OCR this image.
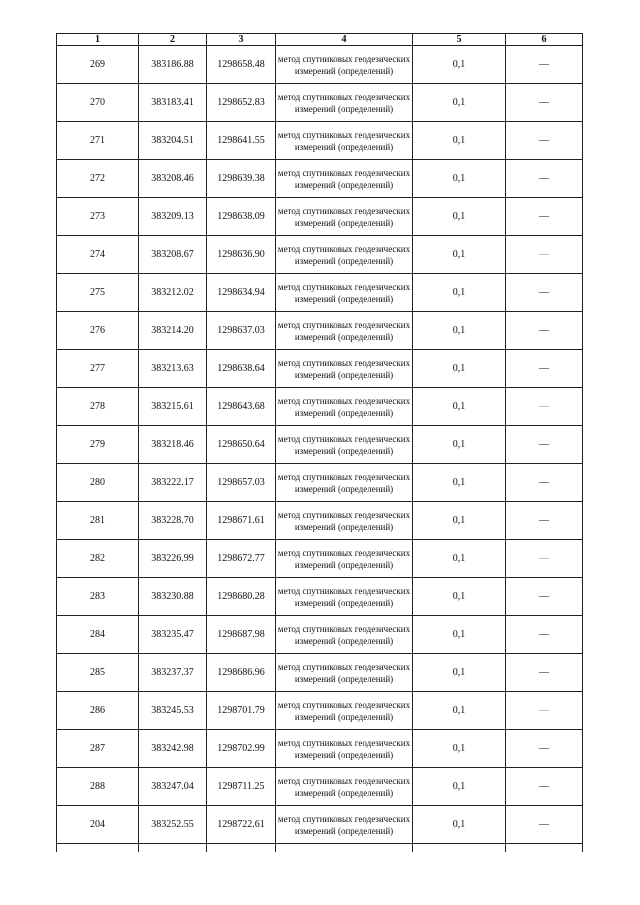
1	2	3	4	5	6
269	383186.88	1298658.48	метод спутниковых геодезических измерений (определений)	0,1	—
270	383183.41	1298652.83	метод спутниковых геодезических измерений (определений)	0,1	—
271	383204.51	1298641.55	метод спутниковых геодезических измерений (определений)	0,1	—
272	383208.46	1298639.38	метод спутниковых геодезических измерений (определений)	0,1	—
273	383209.13	1298638.09	метод спутниковых геодезических измерений (определений)	0,1	—
274	383208.67	1298636.90	метод спутниковых геодезических измерений (определений)	0,1	—
275	383212.02	1298634.94	метод спутниковых геодезических измерений (определений)	0,1	—
276	383214.20	1298637.03	метод спутниковых геодезических измерений (определений)	0,1	—
277	383213.63	1298638.64	метод спутниковых геодезических измерений (определений)	0,1	—
278	383215.61	1298643.68	метод спутниковых геодезических измерений (определений)	0,1	—
279	383218.46	1298650.64	метод спутниковых геодезических измерений (определений)	0,1	—
280	383222.17	1298657.03	метод спутниковых геодезических измерений (определений)	0,1	—
281	383228.70	1298671.61	метод спутниковых геодезических измерений (определений)	0,1	—
282	383226.99	1298672.77	метод спутниковых геодезических измерений (определений)	0,1	—
283	383230.88	1298680.28	метод спутниковых геодезических измерений (определений)	0,1	—
284	383235.47	1298687.98	метод спутниковых геодезических измерений (определений)	0,1	—
285	383237.37	1298686.96	метод спутниковых геодезических измерений (определений)	0,1	—
286	383245.53	1298701.79	метод спутниковых геодезических измерений (определений)	0,1	—
287	383242.98	1298702.99	метод спутниковых геодезических измерений (определений)	0,1	—
288	383247.04	1298711.25	метод спутниковых геодезических измерений (определений)	0,1	—
204	383252.55	1298722.61	метод спутниковых геодезических измерений (определений)	0,1	—
